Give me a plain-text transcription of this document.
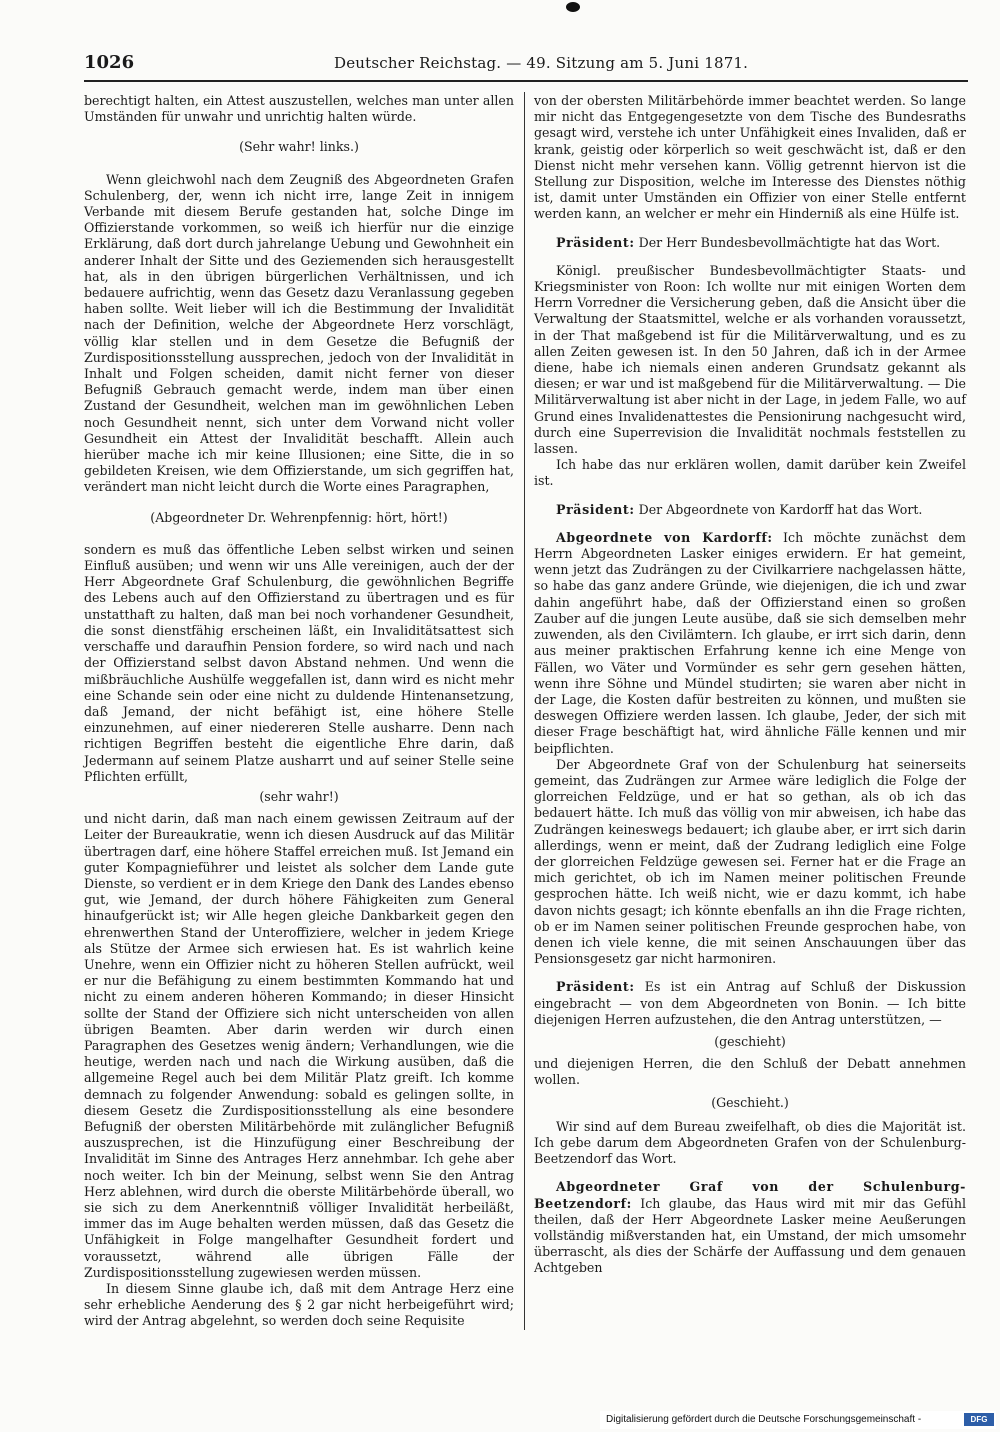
1026	Deutscher Reichstag. — 49. Sitzung am 5. Juni 1871.

berechtigt halten, ein Attest auszustellen, welches man unter allen Umständen für unwahr und unrichtig halten würde.

(Sehr wahr! links.)

Wenn gleichwohl nach dem Zeugniß des Abgeordneten Grafen Schulenberg, der, wenn ich nicht irre, lange Zeit in innigem Verbande mit diesem Berufe gestanden hat, solche Dinge im Offizierstande vorkommen, so weiß ich hierfür nur die einzige Erklärung, daß dort durch jahrelange Uebung und Gewohnheit ein anderer Inhalt der Sitte und des Geziemenden sich herausgestellt hat, als in den übrigen bürgerlichen Verhältnissen, und ich bedauere aufrichtig, wenn das Gesetz dazu Veranlassung gegeben haben sollte. Weit lieber will ich die Bestimmung der Invalidität nach der Definition, welche der Abgeordnete Herz vorschlägt, völlig klar stellen und in dem Gesetze die Befugniß der Zurdispositionsstellung aussprechen, jedoch von der Invalidität in Inhalt und Folgen scheiden, damit nicht ferner von dieser Befugniß Gebrauch gemacht werde, indem man über einen Zustand der Gesundheit, welchen man im gewöhnlichen Leben noch Gesundheit nennt, sich unter dem Vorwand nicht voller Gesundheit ein Attest der Invalidität beschafft. Allein auch hierüber mache ich mir keine Illusionen; eine Sitte, die in so gebildeten Kreisen, wie dem Offizierstande, um sich gegriffen hat, verändert man nicht leicht durch die Worte eines Paragraphen,

(Abgeordneter Dr. Wehrenpfennig: hört, hört!)

sondern es muß das öffentliche Leben selbst wirken und seinen Einfluß ausüben; und wenn wir uns Alle vereinigen, auch der der Herr Abgeordnete Graf Schulenburg, die gewöhnlichen Begriffe des Lebens auch auf den Offizierstand zu übertragen und es für unstatthaft zu halten, daß man bei noch vorhandener Gesundheit, die sonst dienstfähig erscheinen läßt, ein Invaliditätsattest sich verschaffe und daraufhin Pension fordere, so wird nach und nach der Offizierstand selbst davon Abstand nehmen. Und wenn die mißbräuchliche Aushülfe weggefallen ist, dann wird es nicht mehr eine Schande sein oder eine nicht zu duldende Hintenansetzung, daß Jemand, der nicht befähigt ist, eine höhere Stelle einzunehmen, auf einer niedereren Stelle ausharre. Denn nach richtigen Begriffen besteht die eigentliche Ehre darin, daß Jedermann auf seinem Platze ausharrt und auf seiner Stelle seine Pflichten erfüllt,

(sehr wahr!)

und nicht darin, daß man nach einem gewissen Zeitraum auf der Leiter der Bureaukratie, wenn ich diesen Ausdruck auf das Militär übertragen darf, eine höhere Staffel erreichen muß. Ist Jemand ein guter Kompagnieführer und leistet als solcher dem Lande gute Dienste, so verdient er in dem Kriege den Dank des Landes ebenso gut, wie Jemand, der durch höhere Fähigkeiten zum General hinaufgerückt ist; wir Alle hegen gleiche Dankbarkeit gegen den ehrenwerthen Stand der Unteroffiziere, welcher in jedem Kriege als Stütze der Armee sich erwiesen hat. Es ist wahrlich keine Unehre, wenn ein Offizier nicht zu höheren Stellen aufrückt, weil er nur die Befähigung zu einem bestimmten Kommando hat und nicht zu einem anderen höheren Kommando; in dieser Hinsicht sollte der Stand der Offiziere sich nicht unterscheiden von allen übrigen Beamten. Aber darin werden wir durch einen Paragraphen des Gesetzes wenig ändern; Verhandlungen, wie die heutige, werden nach und nach die Wirkung ausüben, daß die allgemeine Regel auch bei dem Militär Platz greift. Ich komme demnach zu folgender Anwendung: sobald es gelingen sollte, in diesem Gesetz die Zurdispositionsstellung als eine besondere Befugniß der obersten Militärbehörde mit zulänglicher Befugniß auszusprechen, ist die Hinzufügung einer Beschreibung der Invalidität im Sinne des Antrages Herz annehmbar. Ich gehe aber noch weiter. Ich bin der Meinung, selbst wenn Sie den Antrag Herz ablehnen, wird durch die oberste Militärbehörde überall, wo sie sich zu dem Anerkenntniß völliger Invalidität herbeiläßt, immer das im Auge behalten werden müssen, daß das Gesetz die Unfähigkeit in Folge mangelhafter Gesundheit fordert und voraussetzt, während alle übrigen Fälle der Zurdispositionsstellung zugewiesen werden müssen.

In diesem Sinne glaube ich, daß mit dem Antrage Herz eine sehr erhebliche Aenderung des § 2 gar nicht herbeigeführt wird; wird der Antrag abgelehnt, so werden doch seine Requisite

von der obersten Militärbehörde immer beachtet werden. So lange mir nicht das Entgegengesetzte von dem Tische des Bundesraths gesagt wird, verstehe ich unter Unfähigkeit eines Invaliden, daß er krank, geistig oder körperlich so weit geschwächt ist, daß er den Dienst nicht mehr versehen kann. Völlig getrennt hiervon ist die Stellung zur Disposition, welche im Interesse des Dienstes nöthig ist, damit unter Umständen ein Offizier von einer Stelle entfernt werden kann, an welcher er mehr ein Hinderniß als eine Hülfe ist.

Präsident: Der Herr Bundesbevollmächtigte hat das Wort.

Königl. preußischer Bundesbevollmächtigter Staats- und Kriegsminister von Roon: Ich wollte nur mit einigen Worten dem Herrn Vorredner die Versicherung geben, daß die Ansicht über die Verwaltung der Staatsmittel, welche er als vorhanden voraussetzt, in der That maßgebend ist für die Militärverwaltung, und es zu allen Zeiten gewesen ist. In den 50 Jahren, daß ich in der Armee diene, habe ich niemals einen anderen Grundsatz gekannt als diesen; er war und ist maßgebend für die Militärverwaltung. — Die Militärverwaltung ist aber nicht in der Lage, in jedem Falle, wo auf Grund eines Invalidenattestes die Pensionirung nachgesucht wird, durch eine Superrevision die Invalidität nochmals feststellen zu lassen.

Ich habe das nur erklären wollen, damit darüber kein Zweifel ist.

Präsident: Der Abgeordnete von Kardorff hat das Wort.

Abgeordnete von Kardorff: Ich möchte zunächst dem Herrn Abgeordneten Lasker einiges erwidern. Er hat gemeint, wenn jetzt das Zudrängen zu der Civilkarriere nachgelassen hätte, so habe das ganz andere Gründe, wie diejenigen, die ich und zwar dahin angeführt habe, daß der Offizierstand einen so großen Zauber auf die jungen Leute ausübe, daß sie sich demselben mehr zuwenden, als den Civilämtern. Ich glaube, er irrt sich darin, denn aus meiner praktischen Erfahrung kenne ich eine Menge von Fällen, wo Väter und Vormünder es sehr gern gesehen hätten, wenn ihre Söhne und Mündel studirten; sie waren aber nicht in der Lage, die Kosten dafür bestreiten zu können, und mußten sie deswegen Offiziere werden lassen. Ich glaube, Jeder, der sich mit dieser Frage beschäftigt hat, wird ähnliche Fälle kennen und mir beipflichten.

Der Abgeordnete Graf von der Schulenburg hat seinerseits gemeint, das Zudrängen zur Armee wäre lediglich die Folge der glorreichen Feldzüge, und er hat so gethan, als ob ich das bedauert hätte. Ich muß das völlig von mir abweisen, ich habe das Zudrängen keineswegs bedauert; ich glaube aber, er irrt sich darin allerdings, wenn er meint, daß der Zudrang lediglich eine Folge der glorreichen Feldzüge gewesen sei. Ferner hat er die Frage an mich gerichtet, ob ich im Namen meiner politischen Freunde gesprochen hätte. Ich weiß nicht, wie er dazu kommt, ich habe davon nichts gesagt; ich könnte ebenfalls an ihn die Frage richten, ob er im Namen seiner politischen Freunde gesprochen habe, von denen ich viele kenne, die mit seinen Anschauungen über das Pensionsgesetz gar nicht harmoniren.

Präsident: Es ist ein Antrag auf Schluß der Diskussion eingebracht — von dem Abgeordneten von Bonin. — Ich bitte diejenigen Herren aufzustehen, die den Antrag unterstützen, —

(geschieht)

und diejenigen Herren, die den Schluß der Debatt annehmen wollen.

(Geschieht.)

Wir sind auf dem Bureau zweifelhaft, ob dies die Majorität ist. Ich gebe darum dem Abgeordneten Grafen von der Schulenburg-Beetzendorf das Wort.

Abgeordneter Graf von der Schulenburg-Beetzendorf: Ich glaube, das Haus wird mit mir das Gefühl theilen, daß der Herr Abgeordnete Lasker meine Aeußerungen vollständig mißverstanden hat, ein Umstand, der mich umsomehr überrascht, als dies der Schärfe der Auffassung und dem genauen Achtgeben

Digitalisierung gefördert durch die Deutsche Forschungsgemeinschaft -	DFG
